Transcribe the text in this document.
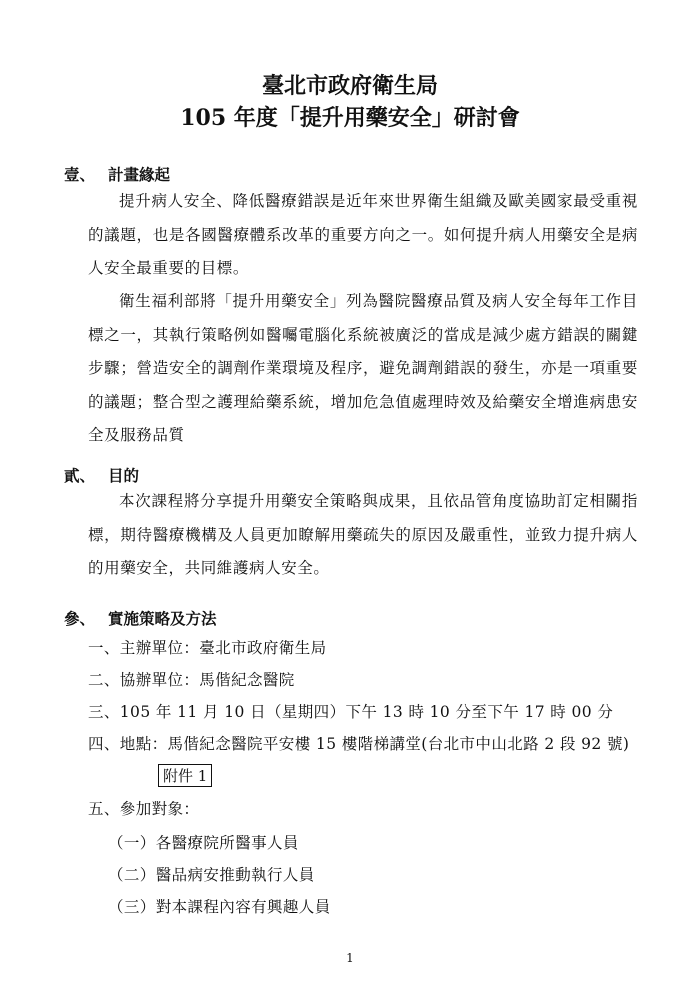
臺北市政府衛生局
105 年度「提升用藥安全」研討會
壹、 計畫緣起
提升病人安全、降低醫療錯誤是近年來世界衛生組織及歐美國家最受重視的議題，也是各國醫療體系改革的重要方向之一。如何提升病人用藥安全是病人安全最重要的目標。
衛生福利部將「提升用藥安全」列為醫院醫療品質及病人安全每年工作目標之一，其執行策略例如醫囑電腦化系統被廣泛的當成是減少處方錯誤的關鍵步驟；營造安全的調劑作業環境及程序，避免調劑錯誤的發生，亦是一項重要的議題；整合型之護理給藥系統，增加危急值處理時效及給藥安全增進病患安全及服務品質
貳、 目的
本次課程將分享提升用藥安全策略與成果，且依品管角度協助訂定相關指標，期待醫療機構及人員更加瞭解用藥疏失的原因及嚴重性，並致力提升病人的用藥安全，共同維護病人安全。
參、 實施策略及方法
一、主辦單位：臺北市政府衛生局
二、協辦單位：馬偕紀念醫院
三、105 年 11 月 10 日（星期四）下午 13 時 10 分至下午 17 時 00 分
四、地點：馬偕紀念醫院平安樓 15 樓階梯講堂(台北市中山北路 2 段 92 號)
附件 1
五、參加對象：
（一）各醫療院所醫事人員
（二）醫品病安推動執行人員
（三）對本課程內容有興趣人員
1
